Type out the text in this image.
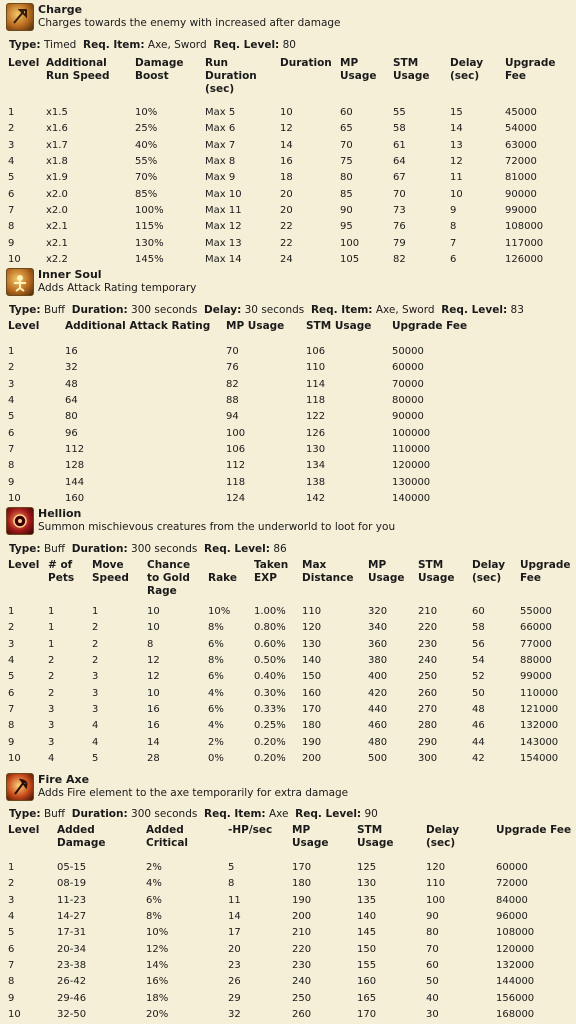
Charge
Charges towards the enemy with increased after damage
Type: Timed Req. Item: Axe, Sword Req. Level: 80
Level	Additional Run Speed	Damage Boost	Run Duration (sec)	Duration	MP Usage	STM Usage	Delay (sec)	Upgrade Fee

1	x1.5	10%	Max 5	10	60	55	15	45000
2	x1.6	25%	Max 6	12	65	58	14	54000
3	x1.7	40%	Max 7	14	70	61	13	63000
4	x1.8	55%	Max 8	16	75	64	12	72000
5	x1.9	70%	Max 9	18	80	67	11	81000
6	x2.0	85%	Max 10	20	85	70	10	90000
7	x2.0	100%	Max 11	20	90	73	9	99000
8	x2.1	115%	Max 12	22	95	76	8	108000
9	x2.1	130%	Max 13	22	100	79	7	117000
10	x2.2	145%	Max 14	24	105	82	6	126000
Inner Soul
Adds Attack Rating temporary
Type: Buff Duration: 300 seconds Delay: 30 seconds Req. Item: Axe, Sword Req. Level: 83
Level	Additional Attack Rating	MP Usage	STM Usage	Upgrade Fee

1	16	70	106	50000
2	32	76	110	60000
3	48	82	114	70000
4	64	88	118	80000
5	80	94	122	90000
6	96	100	126	100000
7	112	106	130	110000
8	128	112	134	120000
9	144	118	138	130000
10	160	124	142	140000
Hellion
Summon mischievous creatures from the underworld to loot for you
Type: Buff Duration: 300 seconds Req. Level: 86
Level	# of Pets	Move Speed	Chance to Gold Rage	Rake	Taken EXP	Max Distance	MP Usage	STM Usage	Delay (sec)	Upgrade Fee

1	1	1	10	10%	1.00%	110	320	210	60	55000
2	1	2	10	8%	0.80%	120	340	220	58	66000
3	1	2	8	6%	0.60%	130	360	230	56	77000
4	2	2	12	8%	0.50%	140	380	240	54	88000
5	2	3	12	6%	0.40%	150	400	250	52	99000
6	2	3	10	4%	0.30%	160	420	260	50	110000
7	3	3	16	6%	0.33%	170	440	270	48	121000
8	3	4	16	4%	0.25%	180	460	280	46	132000
9	3	4	14	2%	0.20%	190	480	290	44	143000
10	4	5	28	0%	0.20%	200	500	300	42	154000
Fire Axe
Adds Fire element to the axe temporarily for extra damage
Type: Buff Duration: 300 seconds Req. Item: Axe Req. Level: 90
Level	Added Damage	Added Critical	-HP/sec	MP Usage	STM Usage	Delay (sec)	Upgrade Fee

1	05-15	2%	5	170	125	120	60000
2	08-19	4%	8	180	130	110	72000
3	11-23	6%	11	190	135	100	84000
4	14-27	8%	14	200	140	90	96000
5	17-31	10%	17	210	145	80	108000
6	20-34	12%	20	220	150	70	120000
7	23-38	14%	23	230	155	60	132000
8	26-42	16%	26	240	160	50	144000
9	29-46	18%	29	250	165	40	156000
10	32-50	20%	32	260	170	30	168000
